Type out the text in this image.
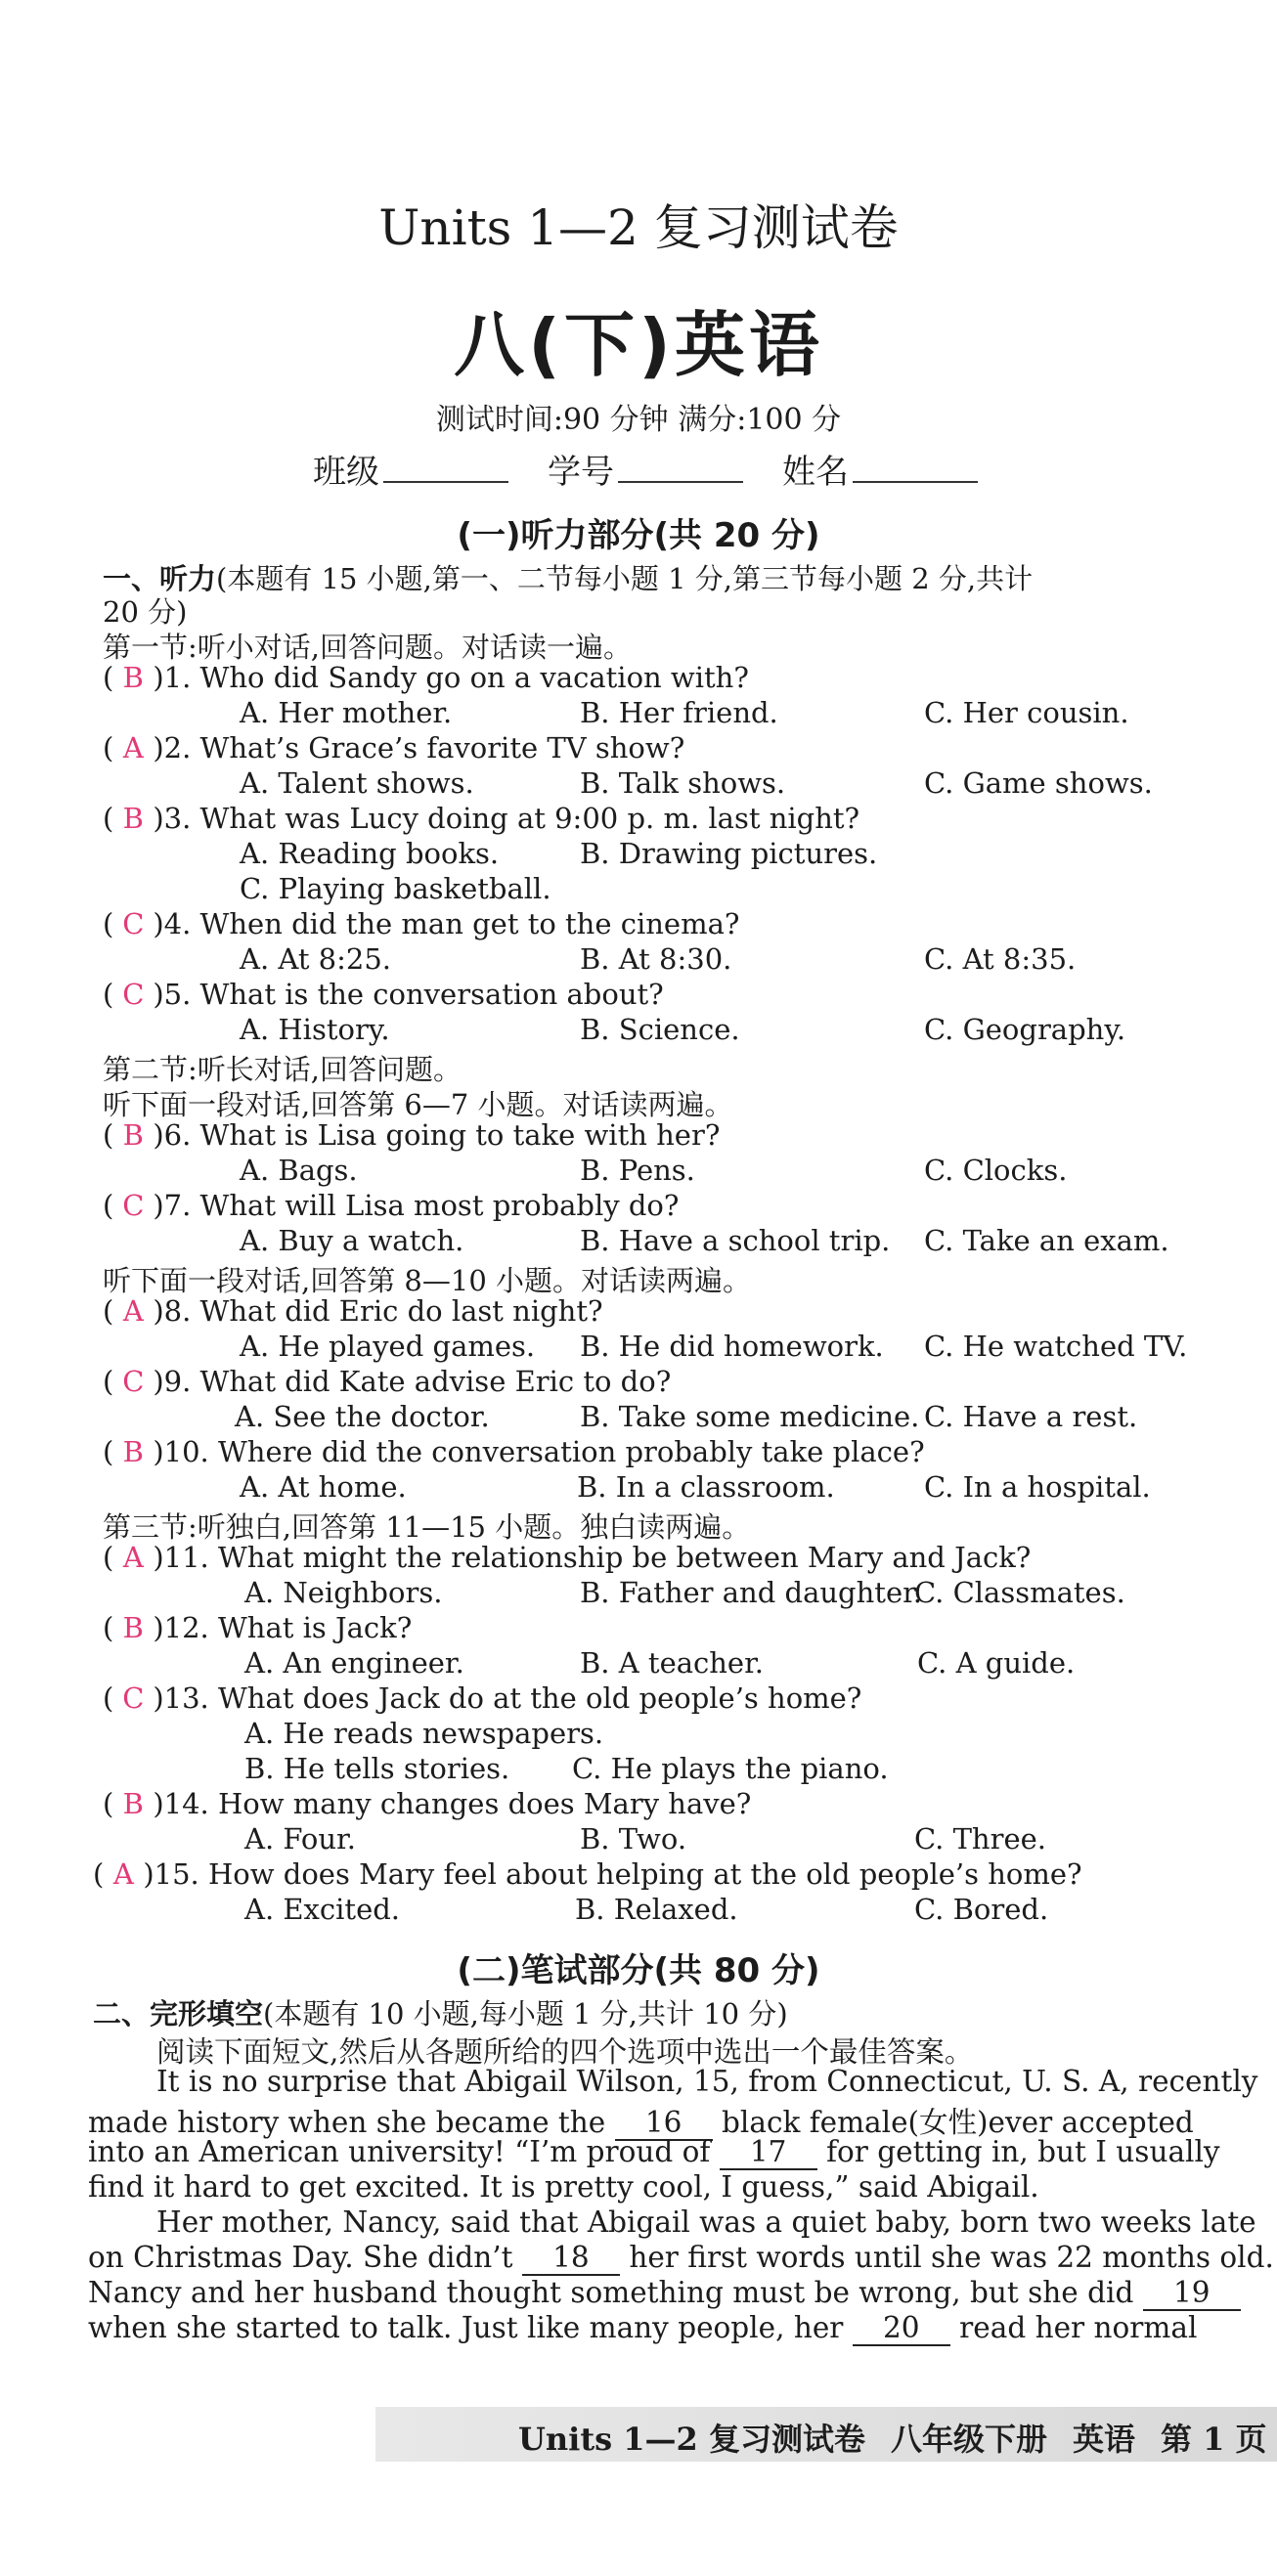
Units 1—2 复习测试卷
八(下)英语
测试时间:90 分钟 满分:100 分
班级	学号	姓名
(一)听力部分(共 20 分)
一、听力(本题有 15 小题,第一、二节每小题 1 分,第三节每小题 2 分,共计
20 分)
第一节:听小对话,回答问题。对话读一遍。
( B )1. Who did Sandy go on a vacation with?
A. Her mother.	B. Her friend.	C. Her cousin.
( A )2. What’s Grace’s favorite TV show?
A. Talent shows.	B. Talk shows.	C. Game shows.
( B )3. What was Lucy doing at 9:00 p. m. last night?
A. Reading books.	B. Drawing pictures.
C. Playing basketball.
( C )4. When did the man get to the cinema?
A. At 8:25.	B. At 8:30.	C. At 8:35.
( C )5. What is the conversation about?
A. History.	B. Science.	C. Geography.
第二节:听长对话,回答问题。
听下面一段对话,回答第 6—7 小题。对话读两遍。
( B )6. What is Lisa going to take with her?
A. Bags.	B. Pens.	C. Clocks.
( C )7. What will Lisa most probably do?
A. Buy a watch.	B. Have a school trip. C. Take an exam.
听下面一段对话,回答第 8—10 小题。对话读两遍。
( A )8. What did Eric do last night?
A. He played games. B. He did homework. C. He watched TV.
( C )9. What did Kate advise Eric to do?
A. See the doctor.	B. Take some medicine. C. Have a rest.
( B )10. Where did the conversation probably take place?
A. At home.	B. In a classroom.	C. In a hospital.
第三节:听独白,回答第 11—15 小题。独白读两遍。
( A )11. What might the relationship be between Mary and Jack?
A. Neighbors.	B. Father and daughter.
C. Classmates.
( B )12. What is Jack?
A. An engineer.	B. A teacher.	C. A guide.
( C )13. What does Jack do at the old people’s home?
A. He reads newspapers.
B. He tells stories. C. He plays the piano.
( B )14. How many changes does Mary have?
A. Four.	B. Two.	C. Three.
( A )15. How does Mary feel about helping at the old people’s home?
A. Excited.	B. Relaxed.	C. Bored.
(二)笔试部分(共 80 分)
二、完形填空(本题有 10 小题,每小题 1 分,共计 10 分)
阅读下面短文,然后从各题所给的四个选项中选出一个最佳答案。
It is no surprise that Abigail Wilson, 15, from Connecticut, U. S. A, recently
made history when she became the 16 black female(女性)ever accepted
into an American university! “I’m proud of 17 for getting in, but I usually
find it hard to get excited. It is pretty cool, I guess,” said Abigail.
Her mother, Nancy, said that Abigail was a quiet baby, born two weeks late
on Christmas Day. She didn’t 18 her first words until she was 22 months old.
Nancy and her husband thought something must be wrong, but she did 19
when she started to talk. Just like many people, her 20 read her normal
Units 1—2 复习测试卷 八年级下册 英语 第 1 页
